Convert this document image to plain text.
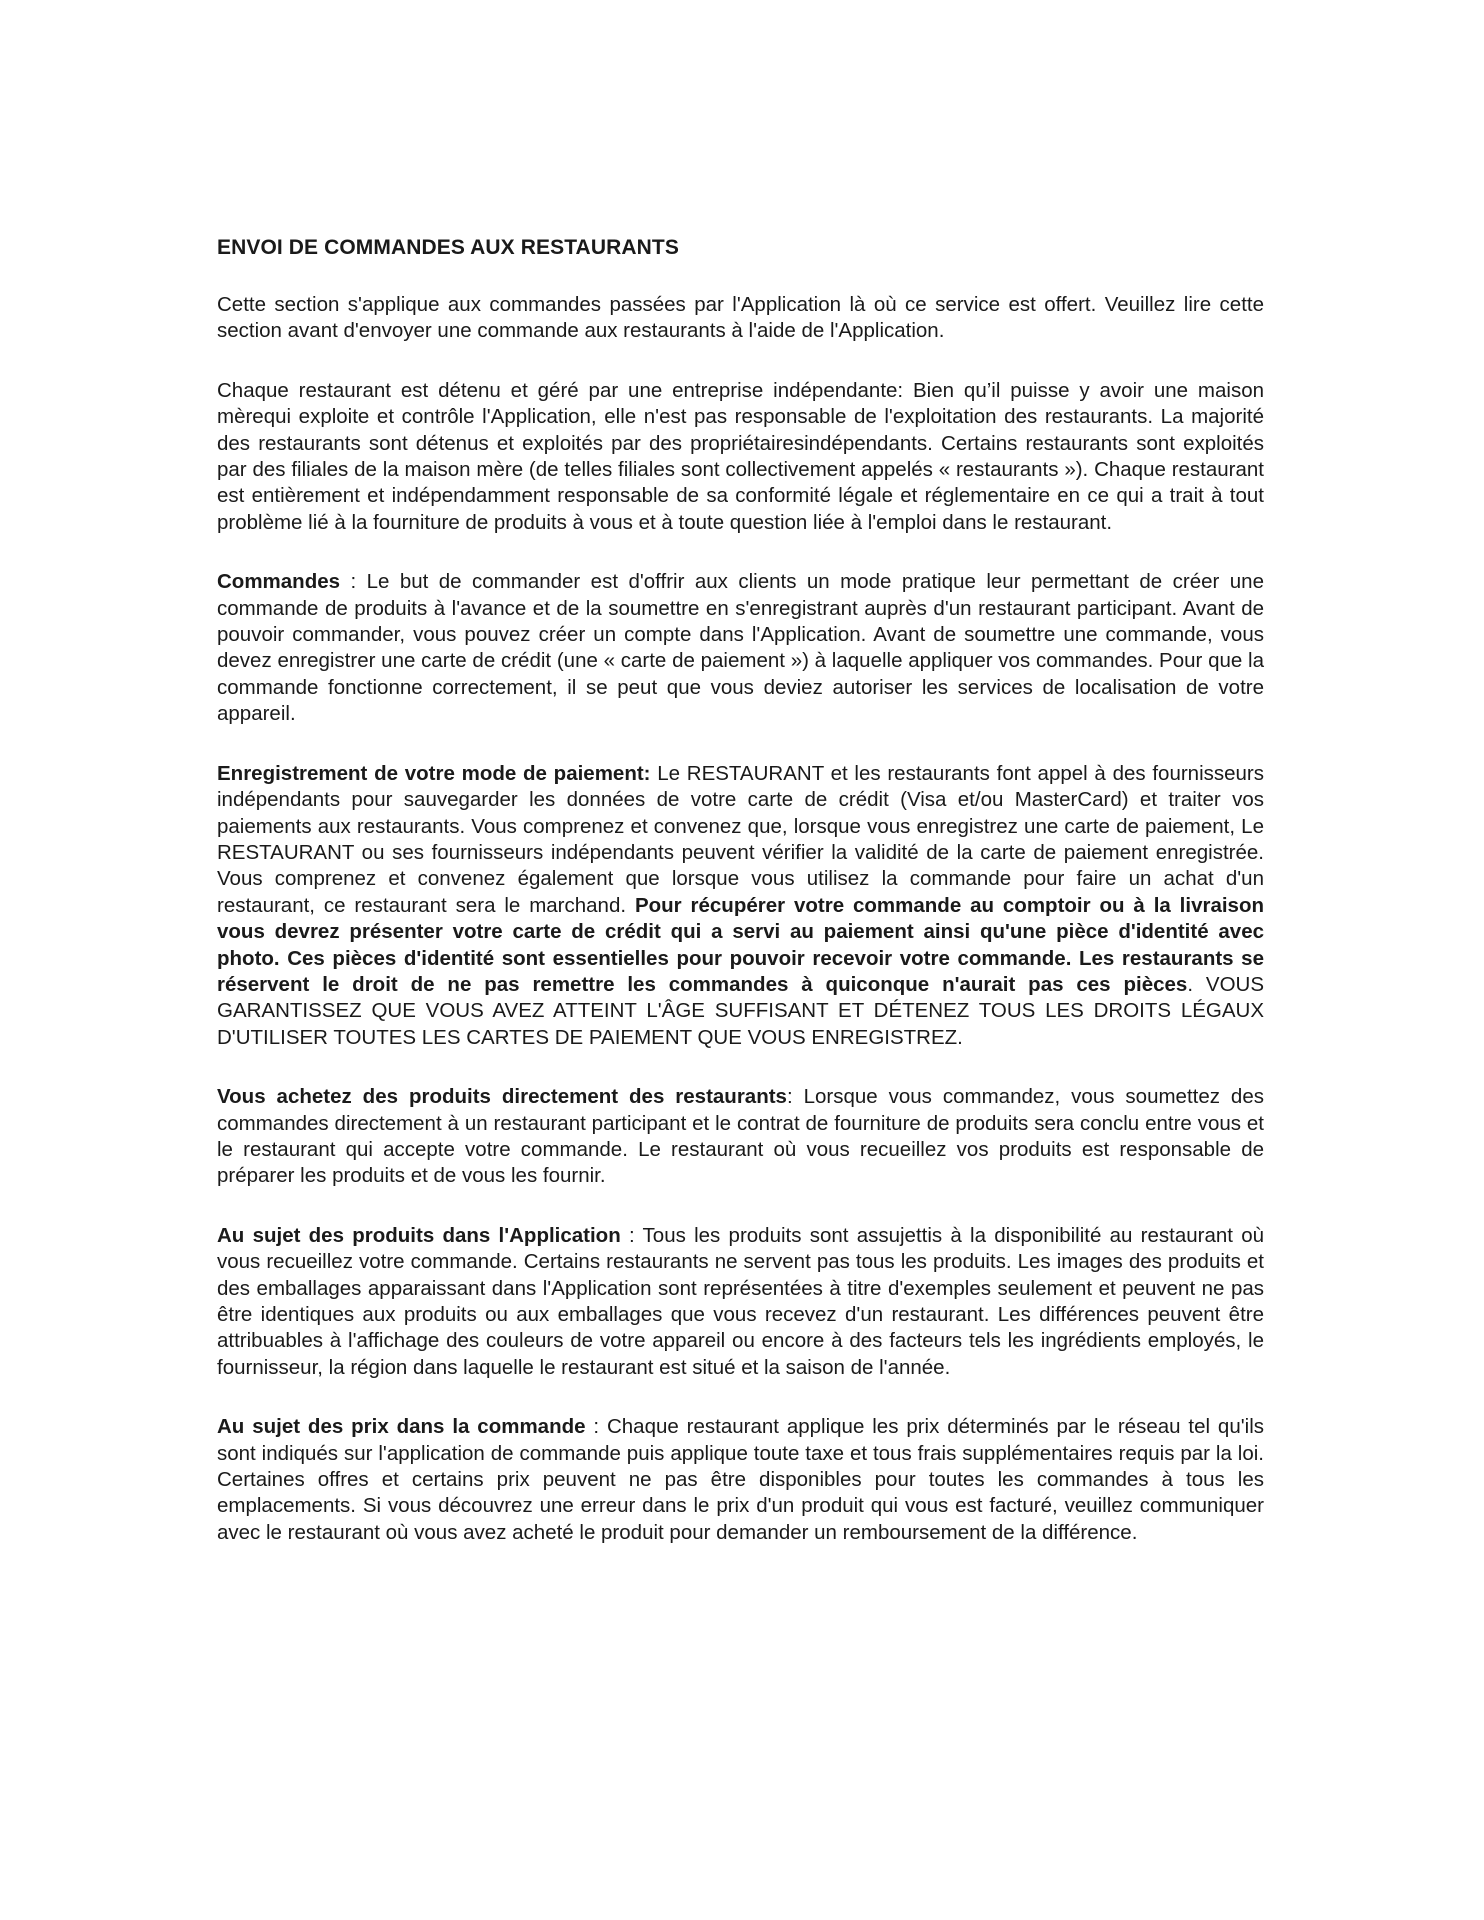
ENVOI DE COMMANDES AUX RESTAURANTS

Cette section s'applique aux commandes passées par l'Application là où ce service est offert. Veuillez lire cette section avant d'envoyer une commande aux restaurants à l'aide de l'Application.

Chaque restaurant est détenu et géré par une entreprise indépendante: Bien qu’il puisse y avoir une maison mèrequi exploite et contrôle l'Application, elle n'est pas responsable de l'exploitation des restaurants. La majorité des restaurants sont détenus et exploités par des propriétairesindépendants. Certains restaurants sont exploités par des filiales de la maison mère (de telles filiales sont collectivement appelés « restaurants »). Chaque restaurant est entièrement et indépendamment responsable de sa conformité légale et réglementaire en ce qui a trait à tout problème lié à la fourniture de produits à vous et à toute question liée à l'emploi dans le restaurant.

Commandes : Le but de commander est d'offrir aux clients un mode pratique leur permettant de créer une commande de produits à l'avance et de la soumettre en s'enregistrant auprès d'un restaurant participant. Avant de pouvoir commander, vous pouvez créer un compte dans l'Application. Avant de soumettre une commande, vous devez enregistrer une carte de crédit (une « carte de paiement ») à laquelle appliquer vos commandes. Pour que la commande fonctionne correctement, il se peut que vous deviez autoriser les services de localisation de votre appareil.

Enregistrement de votre mode de paiement: Le RESTAURANT et les restaurants font appel à des fournisseurs indépendants pour sauvegarder les données de votre carte de crédit (Visa et/ou MasterCard) et traiter vos paiements aux restaurants. Vous comprenez et convenez que, lorsque vous enregistrez une carte de paiement, Le RESTAURANT ou ses fournisseurs indépendants peuvent vérifier la validité de la carte de paiement enregistrée. Vous comprenez et convenez également que lorsque vous utilisez la commande pour faire un achat d'un restaurant, ce restaurant sera le marchand. Pour récupérer votre commande au comptoir ou à la livraison vous devrez présenter votre carte de crédit qui a servi au paiement ainsi qu'une pièce d'identité avec photo. Ces pièces d'identité sont essentielles pour pouvoir recevoir votre commande. Les restaurants se réservent le droit de ne pas remettre les commandes à quiconque n'aurait pas ces pièces. VOUS GARANTISSEZ QUE VOUS AVEZ ATTEINT L'ÂGE SUFFISANT ET DÉTENEZ TOUS LES DROITS LÉGAUX D'UTILISER TOUTES LES CARTES DE PAIEMENT QUE VOUS ENREGISTREZ.

Vous achetez des produits directement des restaurants: Lorsque vous commandez, vous soumettez des commandes directement à un restaurant participant et le contrat de fourniture de produits sera conclu entre vous et le restaurant qui accepte votre commande. Le restaurant où vous recueillez vos produits est responsable de préparer les produits et de vous les fournir.

Au sujet des produits dans l'Application : Tous les produits sont assujettis à la disponibilité au restaurant où vous recueillez votre commande. Certains restaurants ne servent pas tous les produits. Les images des produits et des emballages apparaissant dans l'Application sont représentées à titre d'exemples seulement et peuvent ne pas être identiques aux produits ou aux emballages que vous recevez d'un restaurant. Les différences peuvent être attribuables à l'affichage des couleurs de votre appareil ou encore à des facteurs tels les ingrédients employés, le fournisseur, la région dans laquelle le restaurant est situé et la saison de l'année.

Au sujet des prix dans la commande : Chaque restaurant applique les prix déterminés par le réseau tel qu'ils sont indiqués sur l'application de commande puis applique toute taxe et tous frais supplémentaires requis par la loi. Certaines offres et certains prix peuvent ne pas être disponibles pour toutes les commandes à tous les emplacements. Si vous découvrez une erreur dans le prix d'un produit qui vous est facturé, veuillez communiquer avec le restaurant où vous avez acheté le produit pour demander un remboursement de la différence.
